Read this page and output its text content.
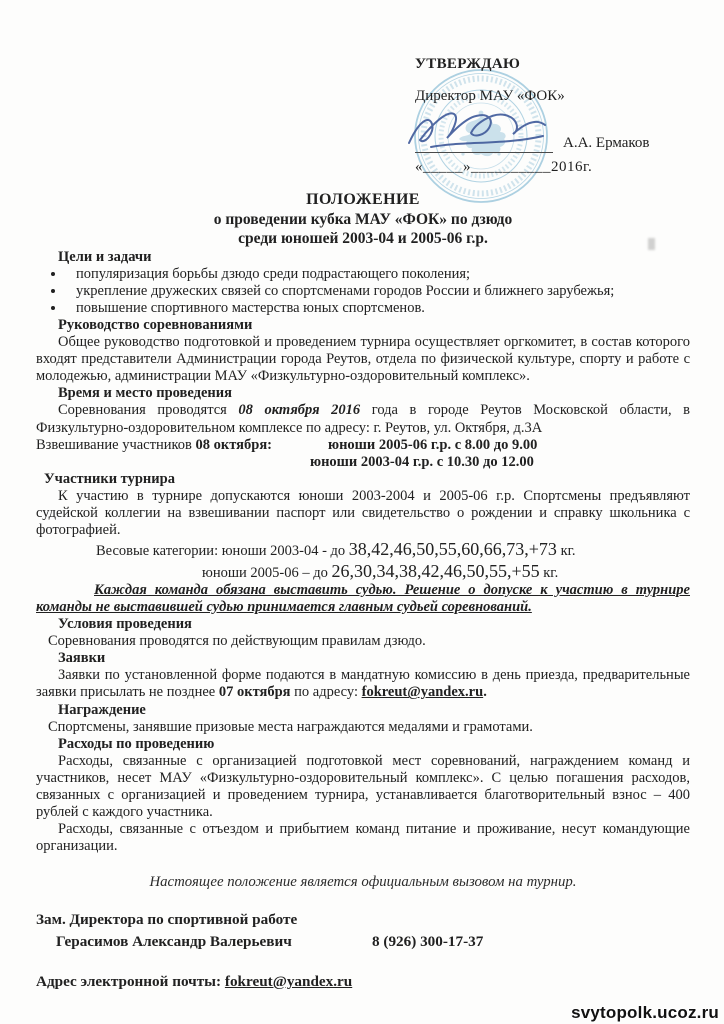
УТВЕРЖДАЮ
Директор МАУ «ФОК»
А.А. Ермаков
«_____»__________2016г.
ПОЛОЖЕНИЕ
о проведении кубка МАУ «ФОК» по дзюдо
среди юношей 2003-04 и 2005-06 г.р.
Цели и задачи
• популяризация борьбы дзюдо среди подрастающего поколения;
• укрепление дружеских связей со спортсменами городов России и ближнего зарубежья;
• повышение спортивного мастерства юных спортсменов.
Руководство соревнованиями
Общее руководство подготовкой и проведением турнира осуществляет оргкомитет, в состав которого входят представители Администрации города Реутов, отдела по физической культуре, спорту и работе с молодежью, администрации МАУ «Физкультурно-оздоровительный комплекс».
Время и место проведения
Соревнования проводятся 08 октября 2016 года в городе Реутов Московской области, в Физкультурно-оздоровительном комплексе по адресу: г. Реутов, ул. Октября, д.3А
Взвешивание участников 08 октября:	юноши 2005-06 г.р. с 8.00 до 9.00
юноши 2003-04 г.р. с 10.30 до 12.00
Участники турнира
К участию в турнире допускаются юноши 2003-2004 и 2005-06 г.р. Спортсмены предъявляют судейской коллегии на взвешивании паспорт или свидетельство о рождении и справку школьника с фотографией.
Весовые категории: юноши 2003-04 - до 38,42,46,50,55,60,66,73,+73 кг.
юноши 2005-06 – до 26,30,34,38,42,46,50,55,+55 кг.
Каждая команда обязана выставить судью. Решение о допуске к участию в турнире команды не выставившей судью принимается главным судьей соревнований.
Условия проведения
Соревнования проводятся по действующим правилам дзюдо.
Заявки
Заявки по установленной форме подаются в мандатную комиссию в день приезда, предварительные заявки присылать не позднее 07 октября по адресу: fokreut@yandex.ru.
Награждение
Спортсмены, занявшие призовые места награждаются медалями и грамотами.
Расходы по проведению
Расходы, связанные с организацией подготовкой мест соревнований, награждением команд и участников, несет МАУ «Физкультурно-оздоровительный комплекс». С целью погашения расходов, связанных с организацией и проведением турнира, устанавливается благотворительный взнос – 400 рублей с каждого участника.
Расходы, связанные с отъездом и прибытием команд питание и проживание, несут командующие организации.
Настоящее положение является официальным вызовом на турнир.
Зам. Директора по спортивной работе
Герасимов Александр Валерьевич	8 (926) 300-17-37
Адрес электронной почты: fokreut@yandex.ru
svytopolk.ucoz.ru
